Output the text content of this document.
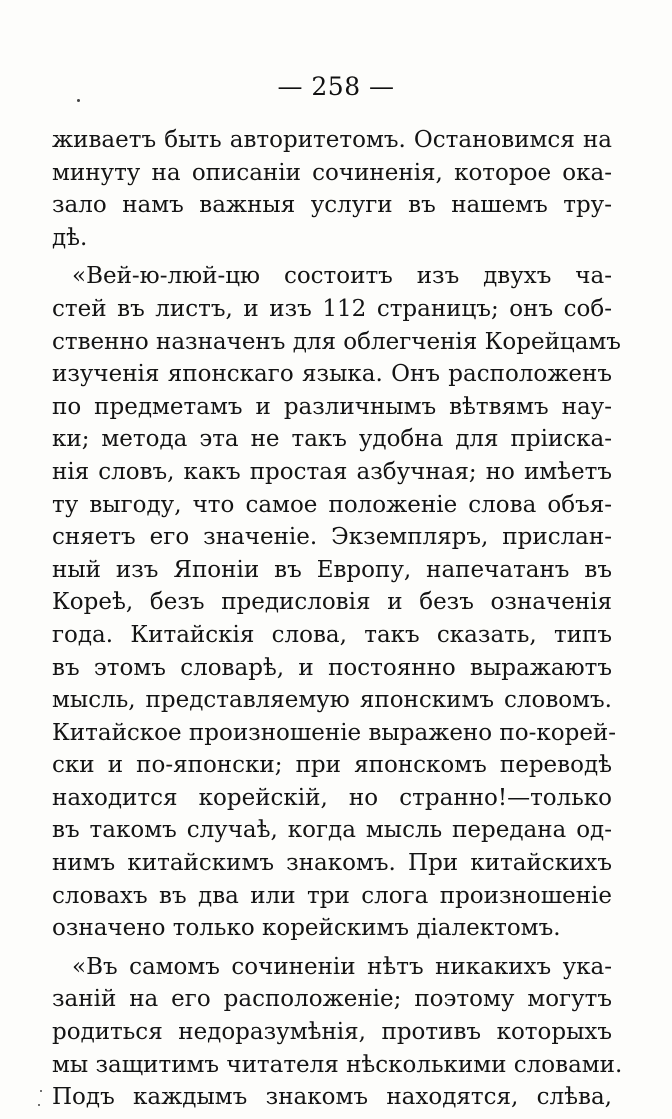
— 258 —
живаетъ быть авторитетомъ. Остановимся на
минуту на описаніи сочиненія, которое ока-
зало намъ важныя услуги въ нашемъ тру-
дѣ.
«Вей-ю-люй-цю состоитъ изъ двухъ ча-
стей въ листъ, и изъ 112 страницъ; онъ соб-
ственно назначенъ для облегченія Корейцамъ
изученія японскаго языка. Онъ расположенъ
по предметамъ и различнымъ вѣтвямъ нау-
ки; метода эта не такъ удобна для пріиска-
нія словъ, какъ простая азбучная; но имѣетъ
ту выгоду, что самое положеніе слова объя-
сняетъ его значеніе. Экземпляръ, прислан-
ный изъ Японіи въ Европу, напечатанъ въ
Кореѣ, безъ предисловія и безъ означенія
года. Китайскія слова, такъ сказать, типъ
въ этомъ словарѣ, и постоянно выражаютъ
мысль, представляемую японскимъ словомъ.
Китайское произношеніе выражено по-корей-
ски и по-японски; при японскомъ переводѣ
находится корейскій, но странно!—только
въ такомъ случаѣ, когда мысль передана од-
нимъ китайскимъ знакомъ. При китайскихъ
словахъ въ два или три слога произношеніе
означено только корейскимъ діалектомъ.
«Въ самомъ сочиненіи нѣтъ никакихъ ука-
заній на его расположеніе; поэтому могутъ
родиться недоразумѣнія, противъ которыхъ
мы защитимъ читателя нѣсколькими словами.
Подъ каждымъ знакомъ находятся, слѣва,
